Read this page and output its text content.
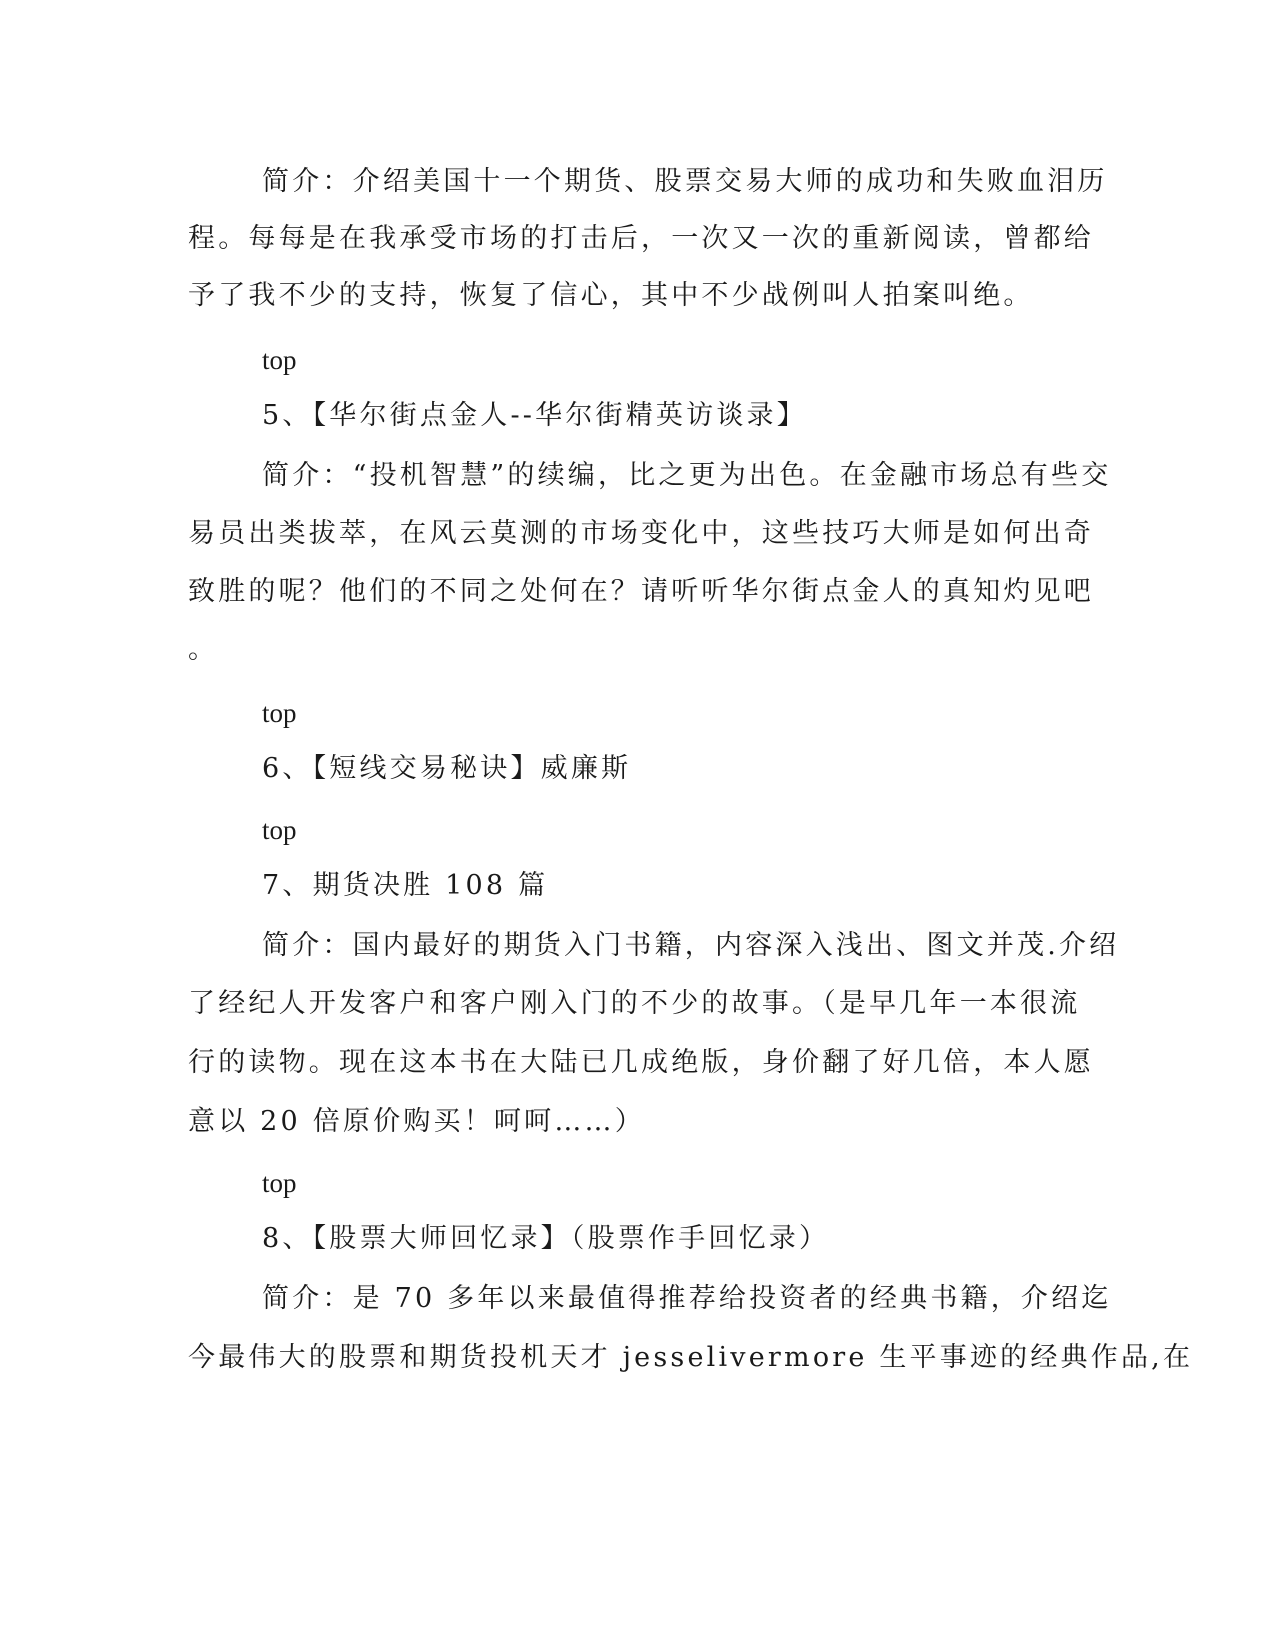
简介：介绍美国十一个期货、股票交易大师的成功和失败血泪历
程。每每是在我承受市场的打击后，一次又一次的重新阅读，曾都给
予了我不少的支持，恢复了信心，其中不少战例叫人拍案叫绝。
top
5、【华尔街点金人--华尔街精英访谈录】
简介：“投机智慧”的续编，比之更为出色。在金融市场总有些交
易员出类拔萃，在风云莫测的市场变化中，这些技巧大师是如何出奇
致胜的呢？他们的不同之处何在？请听听华尔街点金人的真知灼见吧
。
top
6、【短线交易秘诀】威廉斯
top
7、期货决胜 108 篇
简介：国内最好的期货入门书籍，内容深入浅出、图文并茂.介绍
了经纪人开发客户和客户刚入门的不少的故事。（是早几年一本很流
行的读物。现在这本书在大陆已几成绝版，身价翻了好几倍，本人愿
意以 20 倍原价购买！呵呵……）
top
8、【股票大师回忆录】（股票作手回忆录）
简介：是 70 多年以来最值得推荐给投资者的经典书籍，介绍迄
今最伟大的股票和期货投机天才 jesselivermore 生平事迹的经典作品,在
